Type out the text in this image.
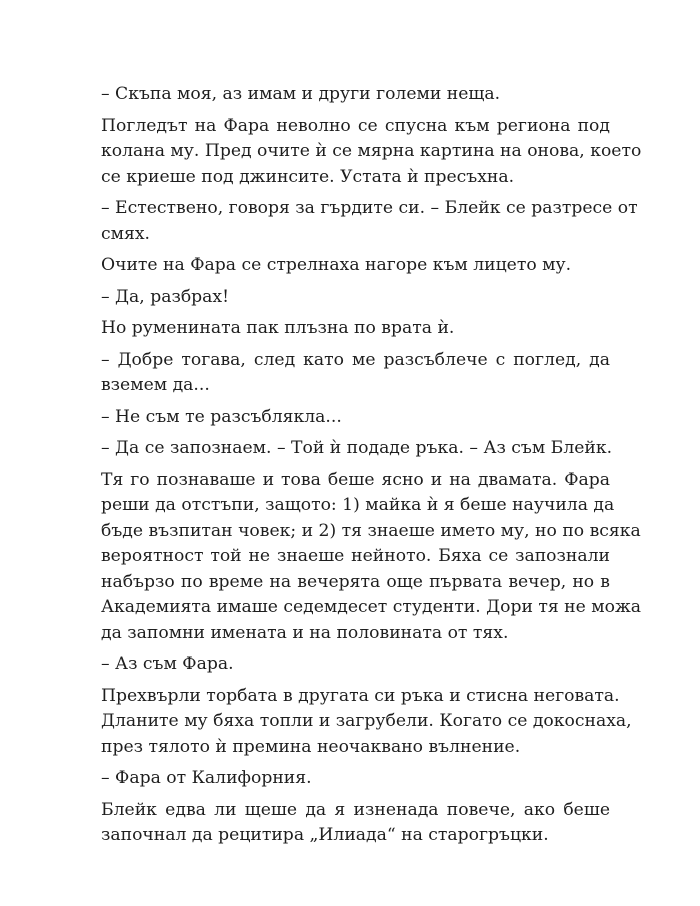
– Скъпа моя, аз имам и други големи неща.
Погледът на Фара неволно се спусна към региона под
колана му. Пред очите ѝ се мярна картина на онова, което
се криеше под джинсите. Устата ѝ пресъхна.
– Естествено, говоря за гърдите си. – Блейк се разтресе от
смях.
Очите на Фара се стрелнаха нагоре към лицето му.
– Да, разбрах!
Но руменината пак плъзна по врата ѝ.
– Добре тогава, след като ме разсъблече с поглед, да
вземем да...
– Не съм те разсъблякла...
– Да се запознаем. – Той ѝ подаде ръка. – Аз съм Блейк.
Тя го познаваше и това беше ясно и на двамата. Фара
реши да отстъпи, защото: 1) майка ѝ я беше научила да
бъде възпитан човек; и 2) тя знаеше името му, но по всяка
вероятност той не знаеше нейното. Бяха се запознали
набързо по време на вечерята още първата вечер, но в
Академията имаше седемдесет студенти. Дори тя не можа
да запомни имената и на половината от тях.
– Аз съм Фара.
Прехвърли торбата в другата си ръка и стисна неговата.
Дланите му бяха топли и загрубели. Когато се докоснаха,
през тялото ѝ премина неочаквано вълнение.
– Фара от Калифорния.
Блейк едва ли щеше да я изненада повече, ако беше
започнал да рецитира „Илиада“ на старогръцки.
